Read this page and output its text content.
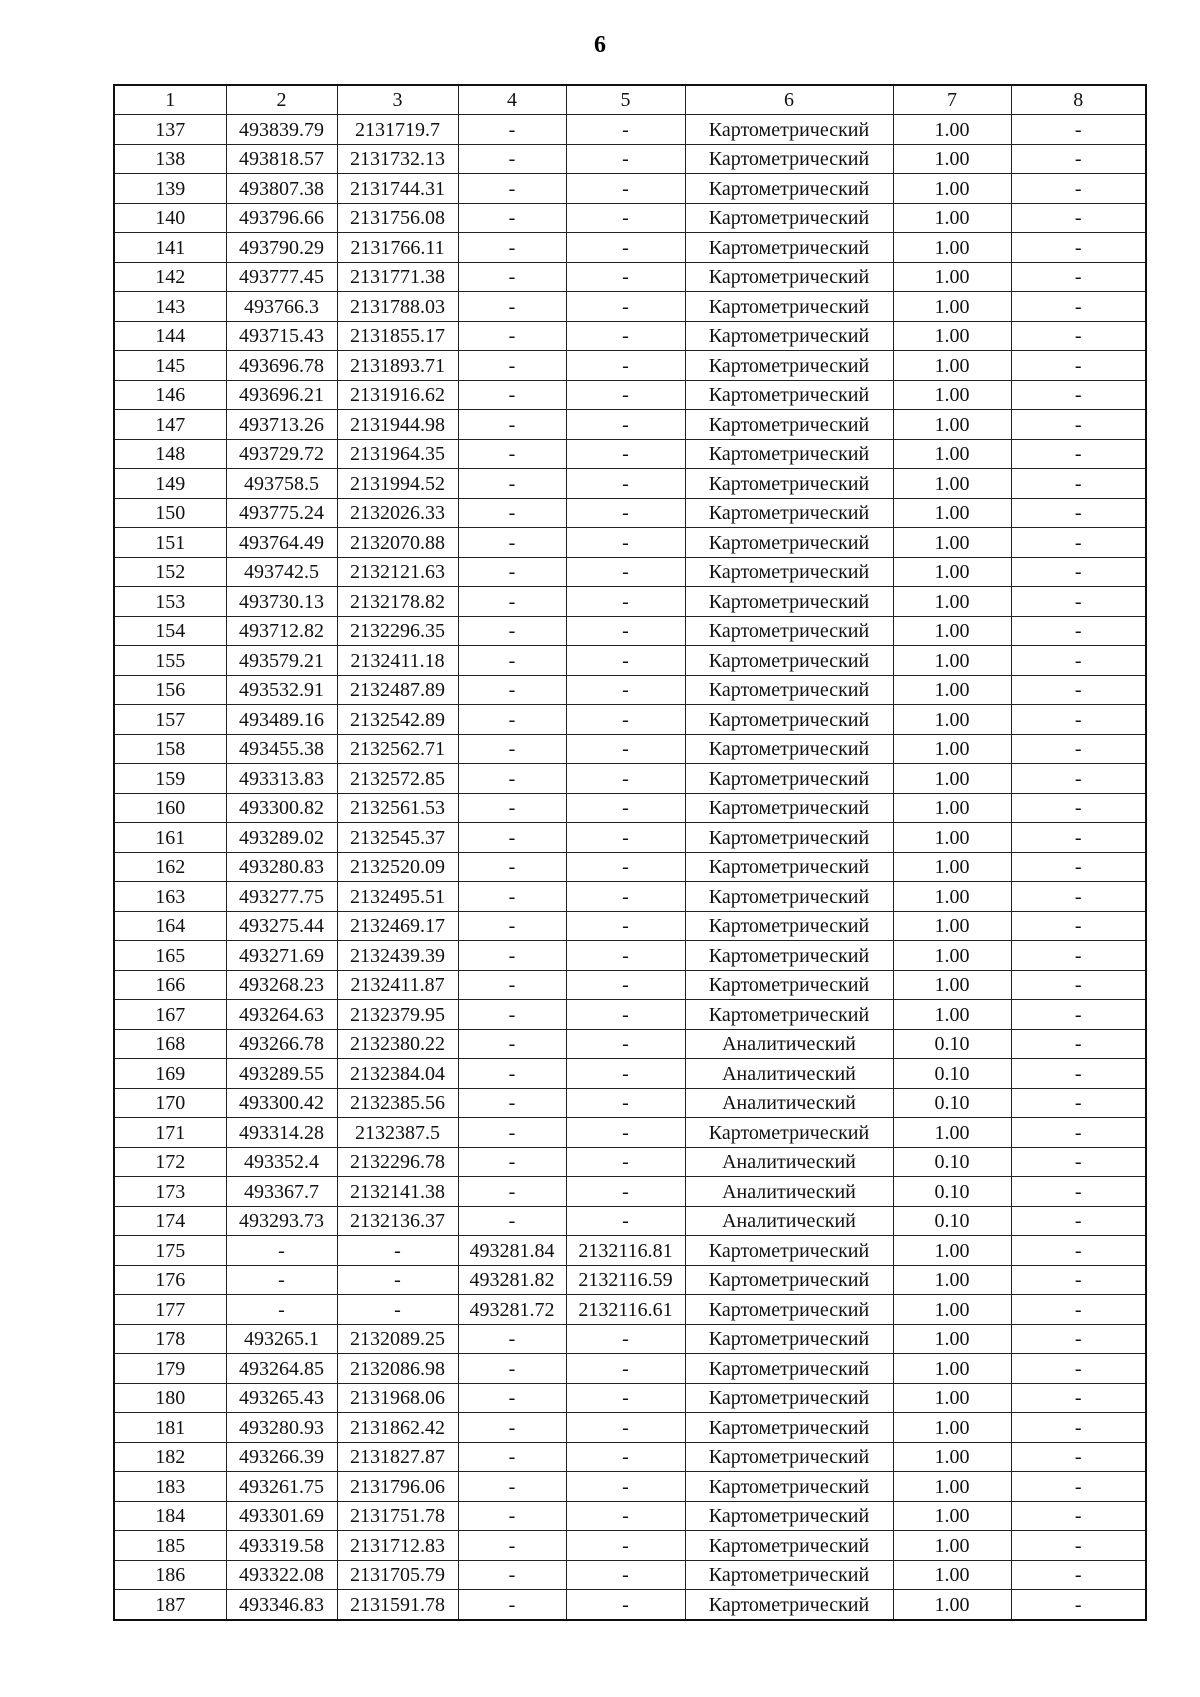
6
1	2	3	4	5	6	7	8
137	493839.79	2131719.7	-	-	Картометрический	1.00	-
138	493818.57	2131732.13	-	-	Картометрический	1.00	-
139	493807.38	2131744.31	-	-	Картометрический	1.00	-
140	493796.66	2131756.08	-	-	Картометрический	1.00	-
141	493790.29	2131766.11	-	-	Картометрический	1.00	-
142	493777.45	2131771.38	-	-	Картометрический	1.00	-
143	493766.3	2131788.03	-	-	Картометрический	1.00	-
144	493715.43	2131855.17	-	-	Картометрический	1.00	-
145	493696.78	2131893.71	-	-	Картометрический	1.00	-
146	493696.21	2131916.62	-	-	Картометрический	1.00	-
147	493713.26	2131944.98	-	-	Картометрический	1.00	-
148	493729.72	2131964.35	-	-	Картометрический	1.00	-
149	493758.5	2131994.52	-	-	Картометрический	1.00	-
150	493775.24	2132026.33	-	-	Картометрический	1.00	-
151	493764.49	2132070.88	-	-	Картометрический	1.00	-
152	493742.5	2132121.63	-	-	Картометрический	1.00	-
153	493730.13	2132178.82	-	-	Картометрический	1.00	-
154	493712.82	2132296.35	-	-	Картометрический	1.00	-
155	493579.21	2132411.18	-	-	Картометрический	1.00	-
156	493532.91	2132487.89	-	-	Картометрический	1.00	-
157	493489.16	2132542.89	-	-	Картометрический	1.00	-
158	493455.38	2132562.71	-	-	Картометрический	1.00	-
159	493313.83	2132572.85	-	-	Картометрический	1.00	-
160	493300.82	2132561.53	-	-	Картометрический	1.00	-
161	493289.02	2132545.37	-	-	Картометрический	1.00	-
162	493280.83	2132520.09	-	-	Картометрический	1.00	-
163	493277.75	2132495.51	-	-	Картометрический	1.00	-
164	493275.44	2132469.17	-	-	Картометрический	1.00	-
165	493271.69	2132439.39	-	-	Картометрический	1.00	-
166	493268.23	2132411.87	-	-	Картометрический	1.00	-
167	493264.63	2132379.95	-	-	Картометрический	1.00	-
168	493266.78	2132380.22	-	-	Аналитический	0.10	-
169	493289.55	2132384.04	-	-	Аналитический	0.10	-
170	493300.42	2132385.56	-	-	Аналитический	0.10	-
171	493314.28	2132387.5	-	-	Картометрический	1.00	-
172	493352.4	2132296.78	-	-	Аналитический	0.10	-
173	493367.7	2132141.38	-	-	Аналитический	0.10	-
174	493293.73	2132136.37	-	-	Аналитический	0.10	-
175	-	-	493281.84	2132116.81	Картометрический	1.00	-
176	-	-	493281.82	2132116.59	Картометрический	1.00	-
177	-	-	493281.72	2132116.61	Картометрический	1.00	-
178	493265.1	2132089.25	-	-	Картометрический	1.00	-
179	493264.85	2132086.98	-	-	Картометрический	1.00	-
180	493265.43	2131968.06	-	-	Картометрический	1.00	-
181	493280.93	2131862.42	-	-	Картометрический	1.00	-
182	493266.39	2131827.87	-	-	Картометрический	1.00	-
183	493261.75	2131796.06	-	-	Картометрический	1.00	-
184	493301.69	2131751.78	-	-	Картометрический	1.00	-
185	493319.58	2131712.83	-	-	Картометрический	1.00	-
186	493322.08	2131705.79	-	-	Картометрический	1.00	-
187	493346.83	2131591.78	-	-	Картометрический	1.00	-
